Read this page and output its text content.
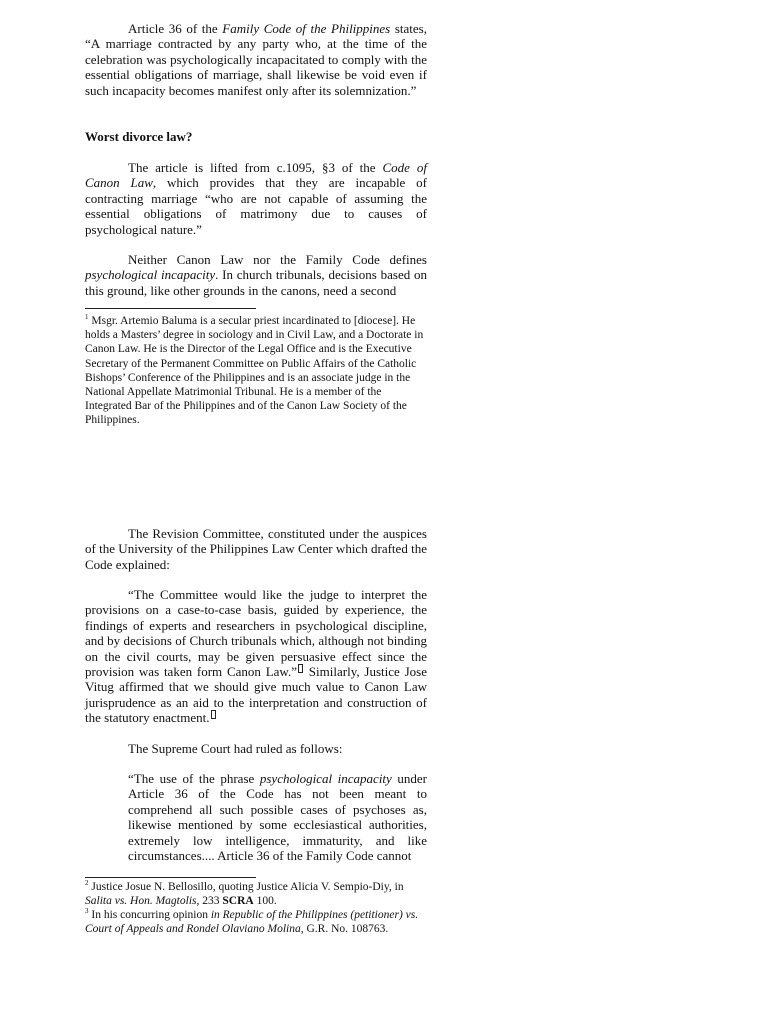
Article 36 of the Family Code of the Philippines states, “A marriage contracted by any party who, at the time of the celebration was psychologically incapacitated to comply with the essential obligations of marriage, shall likewise be void even if such incapacity becomes manifest only after its solemnization.”

Worst divorce law?

The article is lifted from c.1095, §3 of the Code of Canon Law, which provides that they are incapable of contracting marriage “who are not capable of assuming the essential obligations of matrimony due to causes of psychological nature.”

Neither Canon Law nor the Family Code defines psychological incapacity. In church tribunals, decisions based on this ground, like other grounds in the canons, need a second

$^1$ Msgr. Artemio Baluma is a secular priest incardinated to [diocese]. He holds a Masters’ degree in sociology and in Civil Law, and a Doctorate in Canon Law. He is the Director of the Legal Office and is the Executive Secretary of the Permanent Committee on Public Affairs of the Catholic Bishops’ Conference of the Philippines and is an associate judge in the National Appellate Matrimonial Tribunal. He is a member of the Integrated Bar of the Philippines and of the Canon Law Society of the Philippines.

The Revision Committee, constituted under the auspices of the University of the Philippines Law Center which drafted the Code explained:

“The Committee would like the judge to interpret the provisions on a case-to-case basis, guided by experience, the findings of experts and researchers in psychological discipline, and by decisions of Church tribunals which, although not binding on the civil courts, may be given persuasive effect since the provision was taken form Canon Law.” Similarly, Justice Jose Vitug affirmed that we should give much value to Canon Law jurisprudence as an aid to the interpretation and construction of the statutory enactment.

The Supreme Court had ruled as follows:

“The use of the phrase psychological incapacity under Article 36 of the Code has not been meant to comprehend all such possible cases of psychoses as, likewise mentioned by some ecclesiastical authorities, extremely low intelligence, immaturity, and like circumstances.... Article 36 of the Family Code cannot

$^2$ Justice Josue N. Bellosillo, quoting Justice Alicia V. Sempio-Diy, in Salita vs. Hon. Magtolis, 233 SCRA 100.

$^3$ In his concurring opinion in Republic of the Philippines (petitioner) vs. Court of Appeals and Rondel Olaviano Molina, G.R. No. 108763.
